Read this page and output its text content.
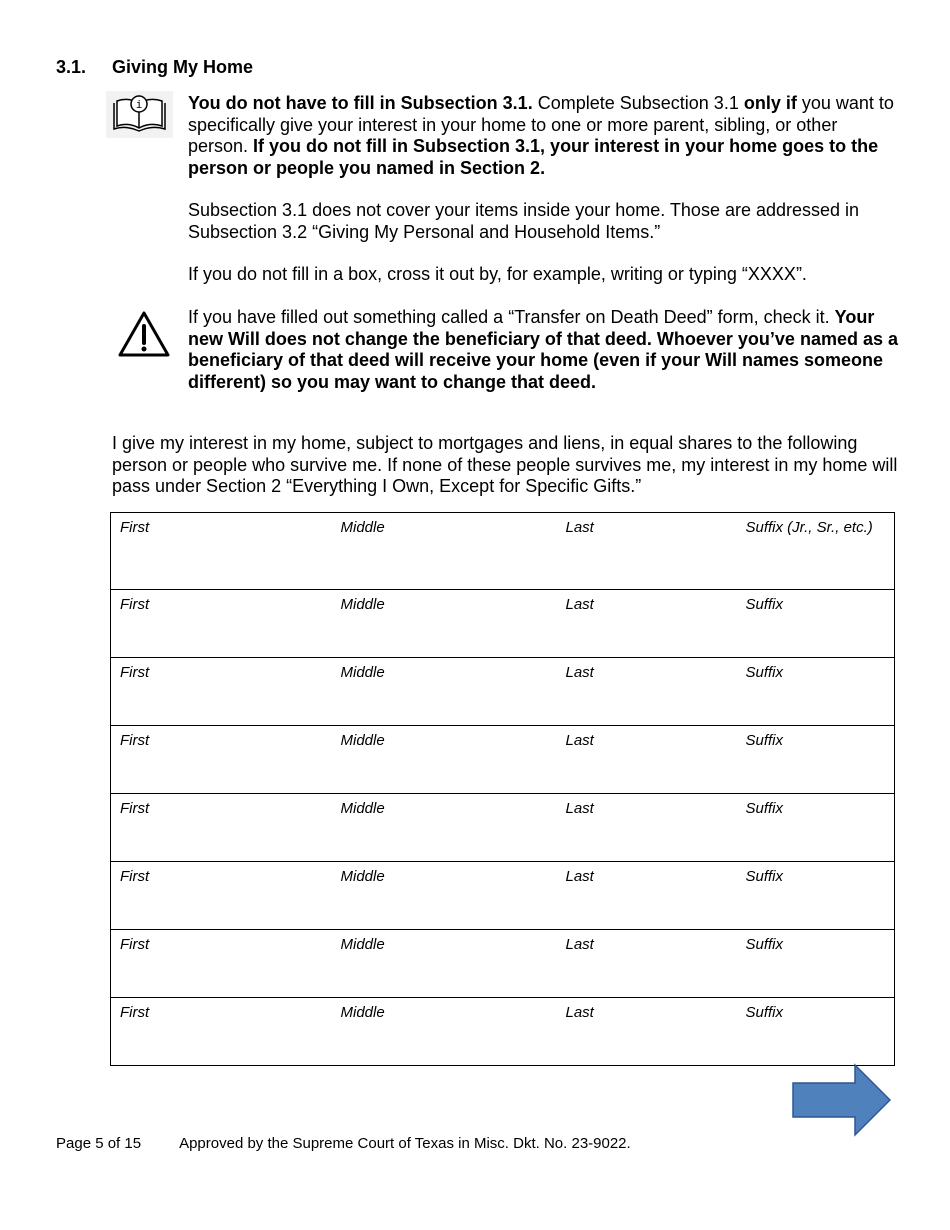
3.1. Giving My Home
i	You do not have to fill in Subsection 3.1. Complete Subsection 3.1 only if you want to specifically give your interest in your home to one or more parent, sibling, or other person. If you do not fill in Subsection 3.1, your interest in your home goes to the person or people you named in Section 2.
Subsection 3.1 does not cover your items inside your home. Those are addressed in Subsection 3.2 “Giving My Personal and Household Items.”
If you do not fill in a box, cross it out by, for example, writing or typing “XXXX”.
If you have filled out something called a “Transfer on Death Deed” form, check it. Your new Will does not change the beneficiary of that deed. Whoever you’ve named as a beneficiary of that deed will receive your home (even if your Will names someone different) so you may want to change that deed.
I give my interest in my home, subject to mortgages and liens, in equal shares to the following person or people who survive me. If none of these people survives me, my interest in my home will pass under Section 2 “Everything I Own, Except for Specific Gifts.”
First	Middle	Last	Suffix (Jr., Sr., etc.)
First	Middle	Last	Suffix
First	Middle	Last	Suffix
First	Middle	Last	Suffix
First	Middle	Last	Suffix
First	Middle	Last	Suffix
First	Middle	Last	Suffix
First	Middle	Last	Suffix
Page 5 of 15	Approved by the Supreme Court of Texas in Misc. Dkt. No. 23-9022.
